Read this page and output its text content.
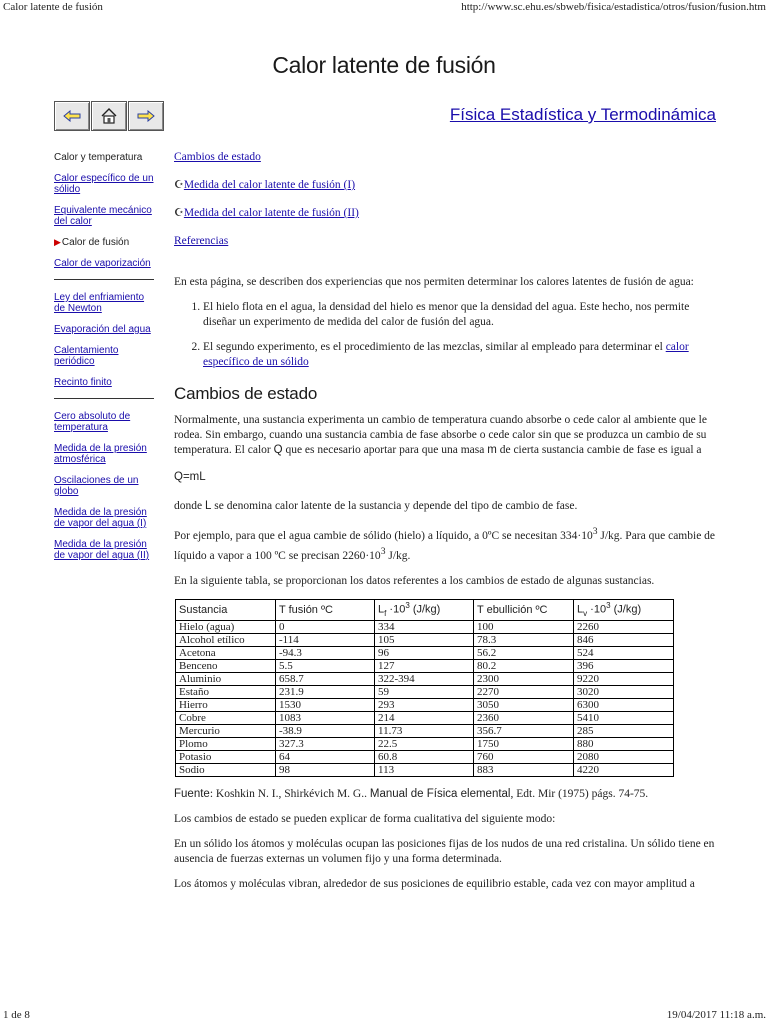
Calor latente de fusión	http://www.sc.ehu.es/sbweb/fisica/estadistica/otros/fusion/fusion.htm
Calor latente de fusión
Física Estadística y Termodinámica
Calor y temperatura
Calor específico de un sólido
Equivalente mecánico del calor
▶Calor de fusión
Calor de vaporización
Ley del enfriamiento de Newton
Evaporación del agua
Calentamiento periódico
Recinto finito
Cero absoluto de temperatura
Medida de la presión atmosférica
Oscilaciones de un globo
Medida de la presión de vapor del agua (I)
Medida de la presión de vapor del agua (II)
Cambios de estado
☪Medida del calor latente de fusión (I)
☪Medida del calor latente de fusión (II)
Referencias

En esta página, se describen dos experiencias que nos permiten determinar los calores latentes de fusión de agua:

1. El hielo flota en el agua, la densidad del hielo es menor que la densidad del agua. Este hecho, nos permite diseñar un experimento de medida del calor de fusión del agua.
2. El segundo experimento, es el procedimiento de las mezclas, similar al empleado para determinar el calor específico de un sólido
Cambios de estado

Normalmente, una sustancia experimenta un cambio de temperatura cuando absorbe o cede calor al ambiente que le rodea. Sin embargo, cuando una sustancia cambia de fase absorbe o cede calor sin que se produzca un cambio de su temperatura. El calor Q que es necesario aportar para que una masa m de cierta sustancia cambie de fase es igual a

Q=mL

donde L se denomina calor latente de la sustancia y depende del tipo de cambio de fase.

Por ejemplo, para que el agua cambie de sólido (hielo) a líquido, a 0ºC se necesitan $334\cdot 10^3$ J/kg. Para que cambie de líquido a vapor a 100 ºC se precisan $2260\cdot 10^3$ J/kg.

En la siguiente tabla, se proporcionan los datos referentes a los cambios de estado de algunas sustancias.

Sustancia	T fusión ºC	$L_f \cdot 10^3$ (J/kg)	T ebullición ºC	$L_v \cdot 10^3$ (J/kg)
Hielo (agua)	0	334	100	2260
Alcohol etílico	-114	105	78.3	846
Acetona	-94.3	96	56.2	524
Benceno	5.5	127	80.2	396
Aluminio	658.7	322-394	2300	9220
Estaño	231.9	59	2270	3020
Hierro	1530	293	3050	6300
Cobre	1083	214	2360	5410
Mercurio	-38.9	11.73	356.7	285
Plomo	327.3	22.5	1750	880
Potasio	64	60.8	760	2080
Sodio	98	113	883	4220

Fuente: Koshkin N. I., Shirkévich M. G.. Manual de Física elemental, Edt. Mir (1975) págs. 74-75.

Los cambios de estado se pueden explicar de forma cualitativa del siguiente modo:

En un sólido los átomos y moléculas ocupan las posiciones fijas de los nudos de una red cristalina. Un sólido tiene en ausencia de fuerzas externas un volumen fijo y una forma determinada.

Los átomos y moléculas vibran, alrededor de sus posiciones de equilibrio estable, cada vez con mayor amplitud a

1 de 8	19/04/2017 11:18 a.m.
